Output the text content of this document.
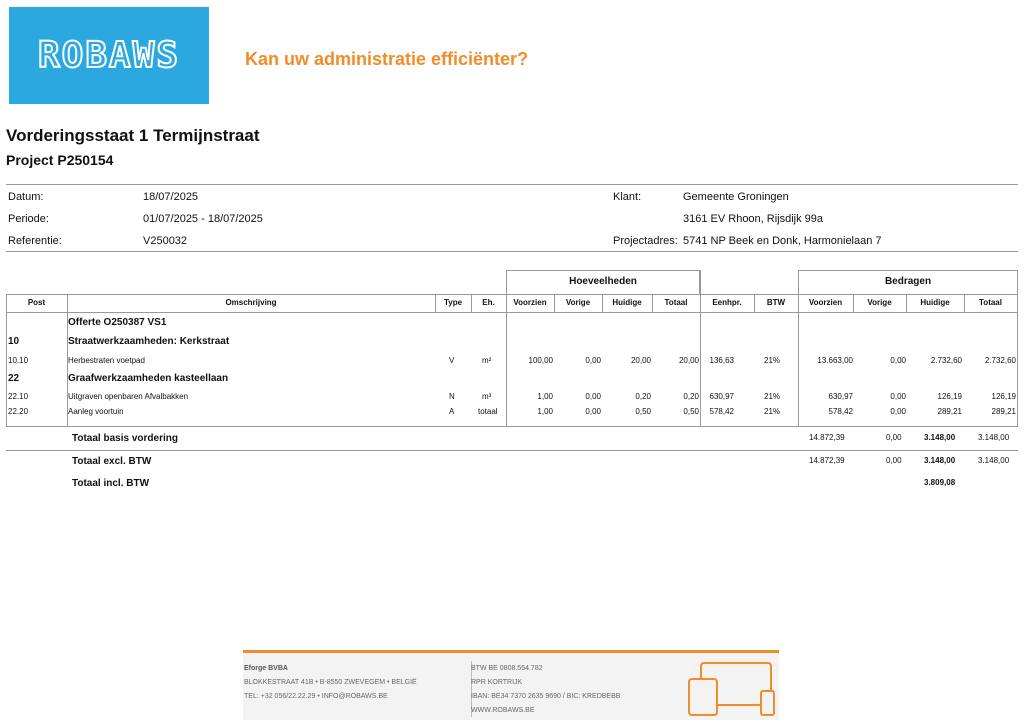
ROBAWS	Kan uw administratie efficiënter?
Vorderingsstaat 1 Termijnstraat
Project P250154
Datum:	18/07/2025
Periode:	01/07/2025 - 18/07/2025
Referentie:	V250032
Klant:	Gemeente Groningen
3161 EV Rhoon, Rijsdijk 99a
Projectadres: 5741 NP Beek en Donk, Harmonielaan 7
Hoeveelheden	Bedragen
Post	Omschrijving	Type	Eh.	Voorzien	Vorige	Huidige	Totaal	Eenhpr.	BTW	Voorzien	Vorige	Huidige	Totaal
Offerte O250387 VS1
10	Straatwerkzaamheden: Kerkstraat
10.10	Herbestraten voetpad	V	m²	100,00	0,00	20,00	20,00	136,63	21%	13.663,00	0,00	2.732,60	2.732,60
22	Graafwerkzaamheden kasteellaan
22.10	Uitgraven openbaren Afvalbakken	N	m³	1,00	0,00	0,20	0,20	630,97	21%	630,97	0,00	126,19	126,19
22.20	Aanleg voortuin	A	totaal	1,00	0,00	0,50	0,50	578,42	21%	578,42	0,00	289,21	289,21
Totaal basis vordering	14.872,39	0,00	3.148,00	3.148,00
Totaal excl. BTW	14.872,39	0,00	3.148,00	3.148,00
Totaal incl. BTW	3.809,08
Eforge BVBA
BLOKKESTRAAT 41B • B-8550 ZWEVEGEM • BELGIË
TEL: +32 056/22.22.29 • INFO@ROBAWS.BE
BTW BE 0808.554.782
RPR KORTRIJK
IBAN: BE34 7370 2635 9690 / BIC: KREDBEBB
WWW.ROBAWS.BE
